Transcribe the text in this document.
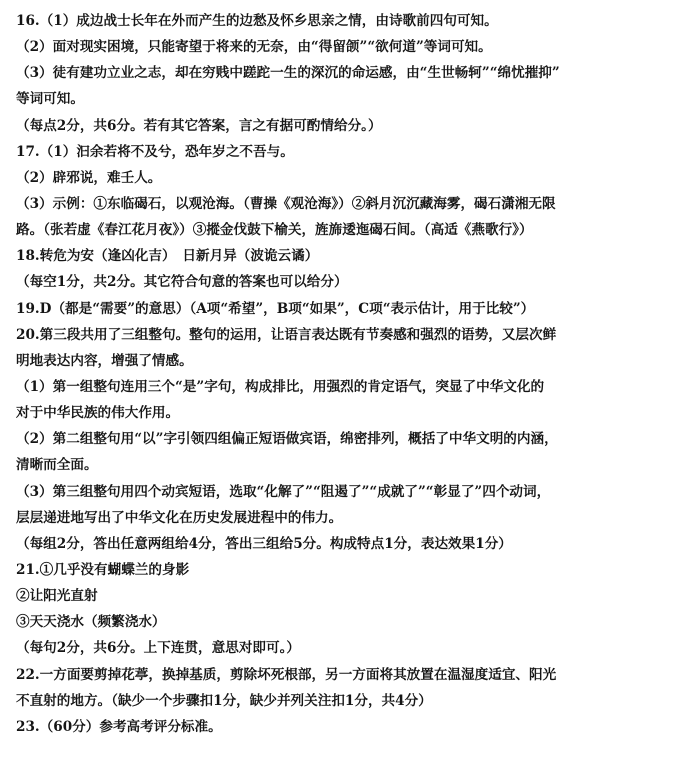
16.（1）成边战士长年在外而产生的边愁及怀乡思亲之情，由诗歌前四句可知。
（2）面对现实困境，只能寄望于将来的无奈，由“得留颌”“欲何道”等词可知。
（3）徒有建功立业之志，却在穷贱中蹉跎一生的深沉的命运感，由“生世畅轲”“绵忧摧抑”
等词可知。
（每点2分，共6分。若有其它答案，言之有据可酌情给分。）
17.（1）汩余若将不及兮，恐年岁之不吾与。
（2）辟邪说，难壬人。
（3）示例：①东临碣石，以观沧海。（曹操《观沧海》）②斜月沉沉藏海雾，碣石潇湘无限
路。（张若虚《春江花月夜》）③摐金伐鼓下榆关，旌旆逶迤碣石间。（高适《燕歌行》）
18.转危为安（逢凶化吉）　日新月异（波诡云谲）
（每空1分，共2分。其它符合句意的答案也可以给分）
19.D（都是“需要”的意思）（A项“希望”，B项“如果”，C项“表示估计，用于比较”）
20.第三段共用了三组整句。整句的运用，让语言表达既有节奏感和强烈的语势，又层次鲜
明地表达内容，增强了情感。
（1）第一组整句连用三个“是”字句，构成排比，用强烈的肯定语气，突显了中华文化的
对于中华民族的伟大作用。
（2）第二组整句用“以”字引领四组偏正短语做宾语，绵密排列，概括了中华文明的内涵，
清晰而全面。
（3）第三组整句用四个动宾短语，选取“化解了”“阻遏了”“成就了”“彰显了”四个动词，
层层递进地写出了中华文化在历史发展进程中的伟力。
（每组2分，答出任意两组给4分，答出三组给5分。构成特点1分，表达效果1分）
21.①几乎没有蝴蝶兰的身影
②让阳光直射
③天天浇水（频繁浇水）
（每句2分，共6分。上下连贯，意思对即可。）
22.一方面要剪掉花葶，换掉基质，剪除坏死根部，另一方面将其放置在温湿度适宜、阳光
不直射的地方。（缺少一个步骤扣1分，缺少并列关注扣1分，共4分）
23.（60分）参考高考评分标准。
